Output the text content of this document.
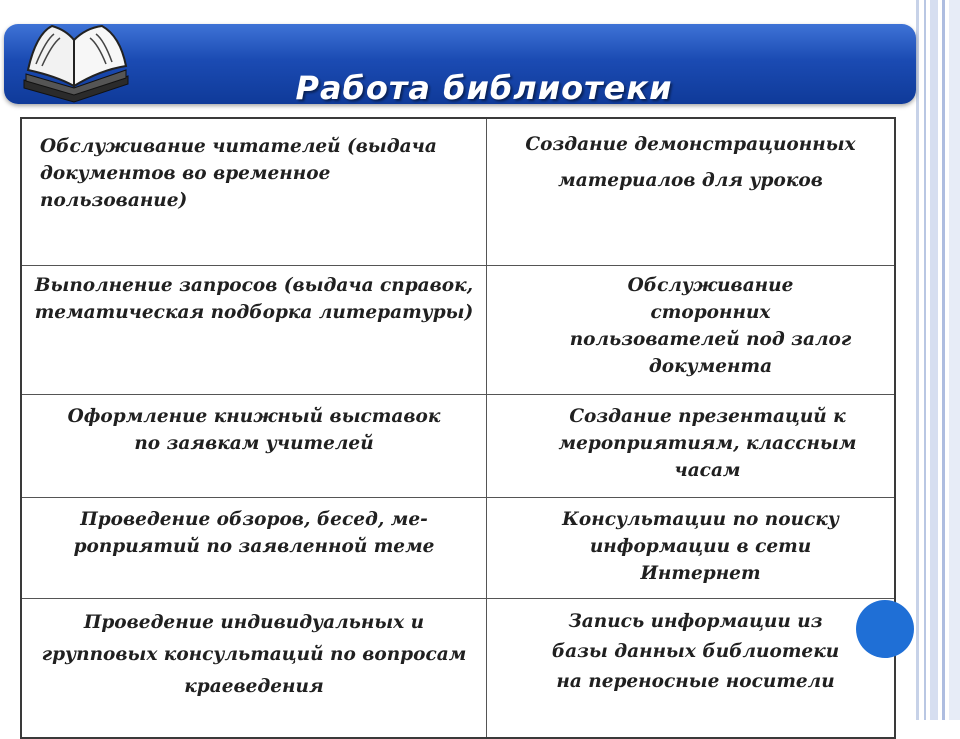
Работа библиотеки
Обслуживание читателей (выдача документов во временное пользование)	Создание демонстрационных материалов для уроков

Выполнение запросов (выдача справок, тематическая подборка литературы)	Обслуживание сторонних пользователей под залог документа

Оформление книжный выставок по заявкам учителей	Создание презентаций к мероприятиям, классным часам

Проведение обзоров, бесед, ме-роприятий по заявленной теме	Консультации по поиску информации в сети Интернет

Проведение индивидуальных и групповых консультаций по вопросам краеведения	Запись информации из базы данных библиотеки на переносные носители
